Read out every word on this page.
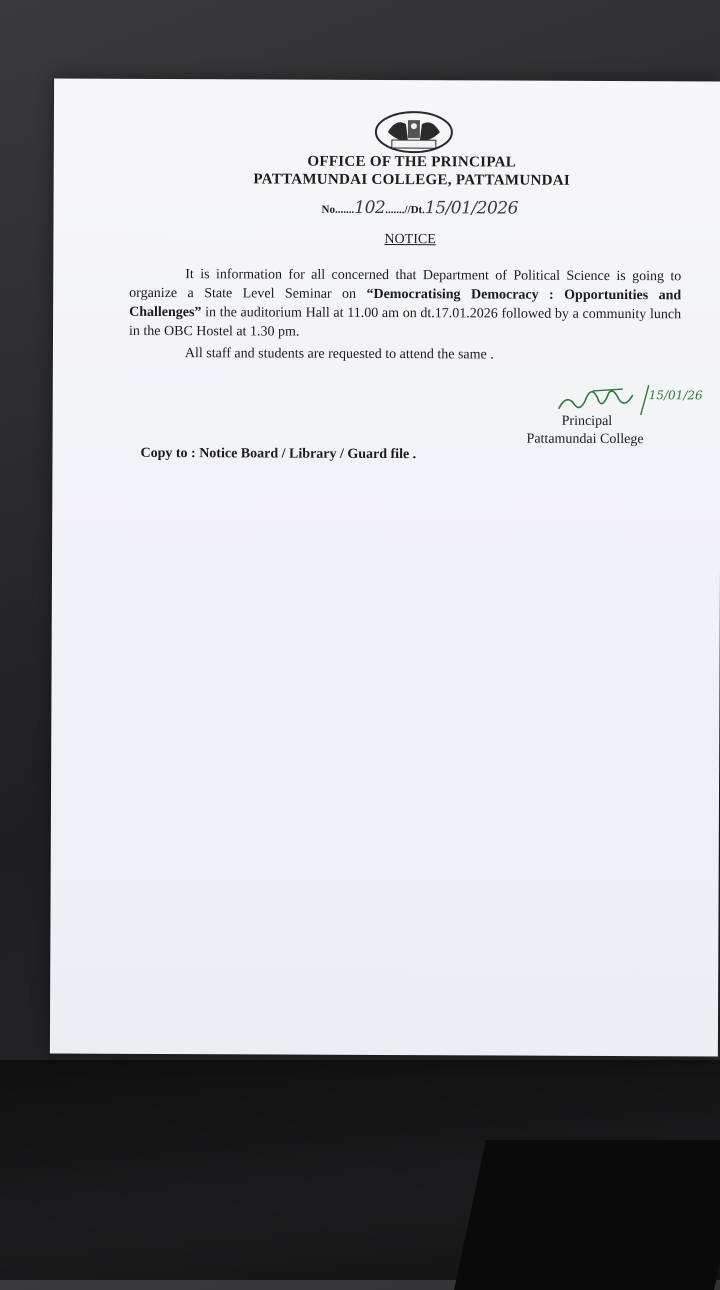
OFFICE OF THE PRINCIPAL
PATTAMUNDAI COLLEGE, PATTAMUNDAI
No.......102.......//Dt.15/01/2026
NOTICE

It is information for all concerned that Department of Political Science is going to organize a State Level Seminar on “Democratising Democracy : Opportunities and Challenges” in the auditorium Hall at 11.00 am on dt.17.01.2026 followed by a community lunch in the OBC Hostel at 1.30 pm.

All staff and students are requested to attend the same .

15/01/26
Principal
Pattamundai College
Copy to : Notice Board / Library / Guard file .
